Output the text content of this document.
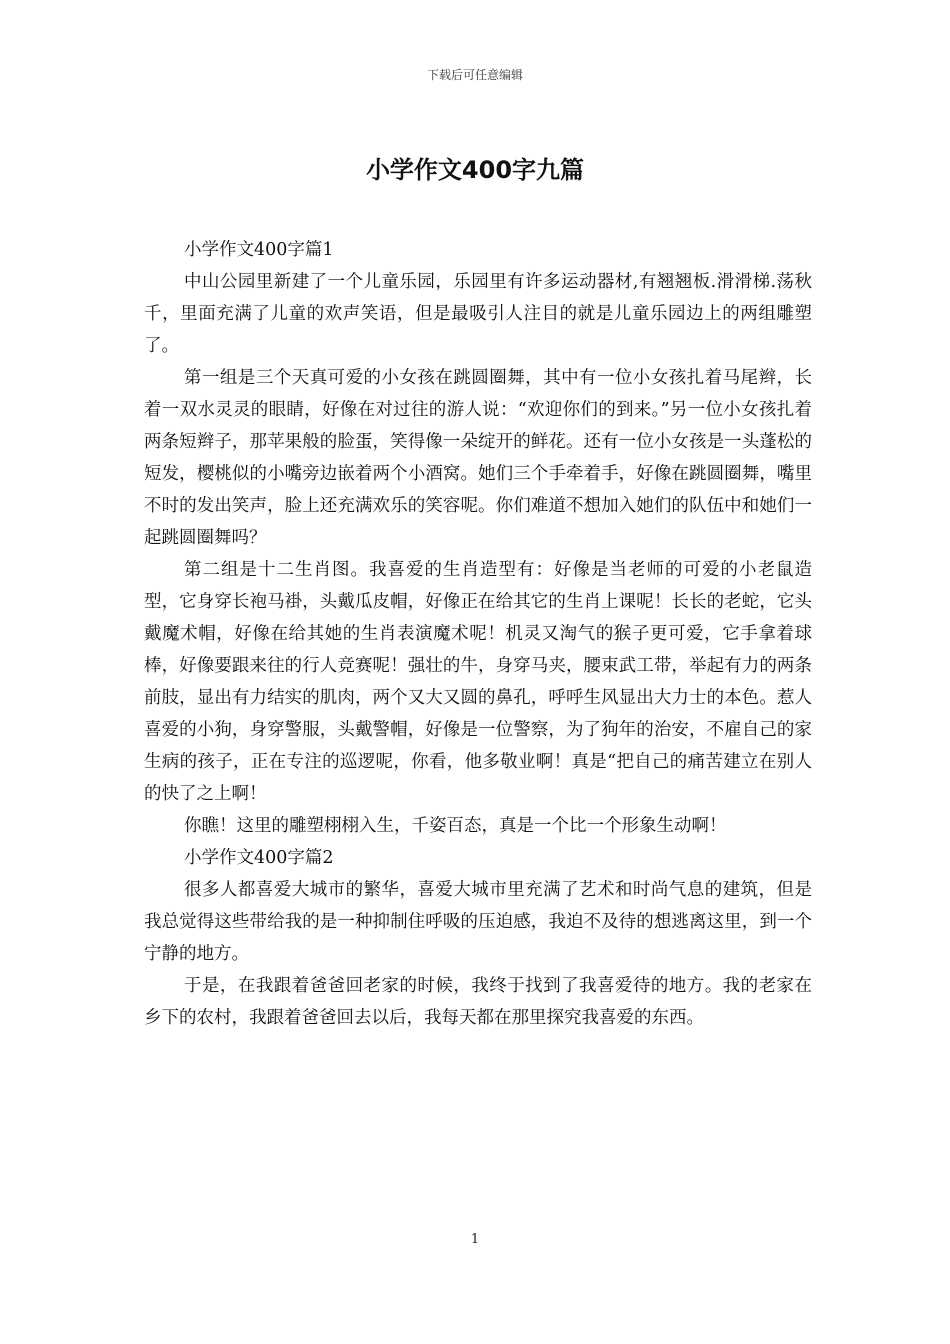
下载后可任意编辑
小学作文400字九篇

小学作文400字篇1

中山公园里新建了一个儿童乐园，乐园里有许多运动器材,有翘翘板.滑滑梯.荡秋千，里面充满了儿童的欢声笑语，但是最吸引人注目的就是儿童乐园边上的两组雕塑了。

第一组是三个天真可爱的小女孩在跳圆圈舞，其中有一位小女孩扎着马尾辫，长着一双水灵灵的眼睛，好像在对过往的游人说：“欢迎你们的到来。”另一位小女孩扎着两条短辫子，那苹果般的脸蛋，笑得像一朵绽开的鲜花。还有一位小女孩是一头蓬松的短发，樱桃似的小嘴旁边嵌着两个小酒窝。她们三个手牵着手，好像在跳圆圈舞，嘴里不时的发出笑声，脸上还充满欢乐的笑容呢。你们难道不想加入她们的队伍中和她们一起跳圆圈舞吗？

第二组是十二生肖图。我喜爱的生肖造型有：好像是当老师的可爱的小老鼠造型，它身穿长袍马褂，头戴瓜皮帽，好像正在给其它的生肖上课呢！长长的老蛇，它头戴魔术帽，好像在给其她的生肖表演魔术呢！机灵又淘气的猴子更可爱，它手拿着球棒，好像要跟来往的行人竞赛呢！强壮的牛，身穿马夹，腰束武工带，举起有力的两条前肢，显出有力结实的肌肉，两个又大又圆的鼻孔，呼呼生风显出大力士的本色。惹人喜爱的小狗，身穿警服，头戴警帽，好像是一位警察，为了狗年的治安，不雇自己的家生病的孩子，正在专注的巡逻呢，你看，他多敬业啊！真是“把自己的痛苦建立在别人的快了之上啊！

你瞧！这里的雕塑栩栩入生，千姿百态，真是一个比一个形象生动啊！

小学作文400字篇2

很多人都喜爱大城市的繁华，喜爱大城市里充满了艺术和时尚气息的建筑，但是我总觉得这些带给我的是一种抑制住呼吸的压迫感，我迫不及待的想逃离这里，到一个宁静的地方。

于是，在我跟着爸爸回老家的时候，我终于找到了我喜爱待的地方。我的老家在乡下的农村，我跟着爸爸回去以后，我每天都在那里探究我喜爱的东西。

1
